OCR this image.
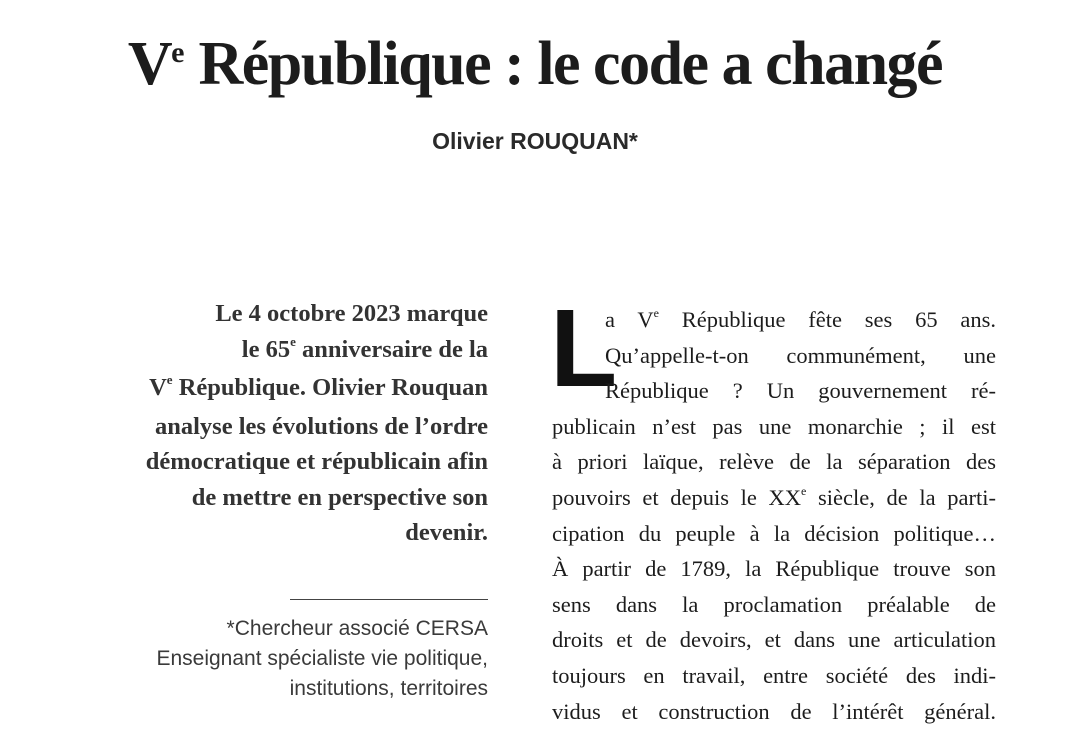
Ve République : le code a changé

Olivier ROUQUAN*

Le 4 octobre 2023 marque
le 65e anniversaire de la
Ve République. Olivier Rouquan
analyse les évolutions de l’ordre
démocratique et républicain afin
de mettre en perspective son
devenir.

*Chercheur associé CERSA
Enseignant spécialiste vie politique,
institutions, territoires

L
a Ve République fête ses 65 ans.
Qu’appelle-t-on communément, une
République ? Un gouvernement ré-
publicain n’est pas une monarchie ; il est
à priori laïque, relève de la séparation des
pouvoirs et depuis le XXe siècle, de la parti-
cipation du peuple à la décision politique…
À partir de 1789, la République trouve son
sens dans la proclamation préalable de
droits et de devoirs, et dans une articulation
toujours en travail, entre société des indi-
vidus et construction de l’intérêt général.
